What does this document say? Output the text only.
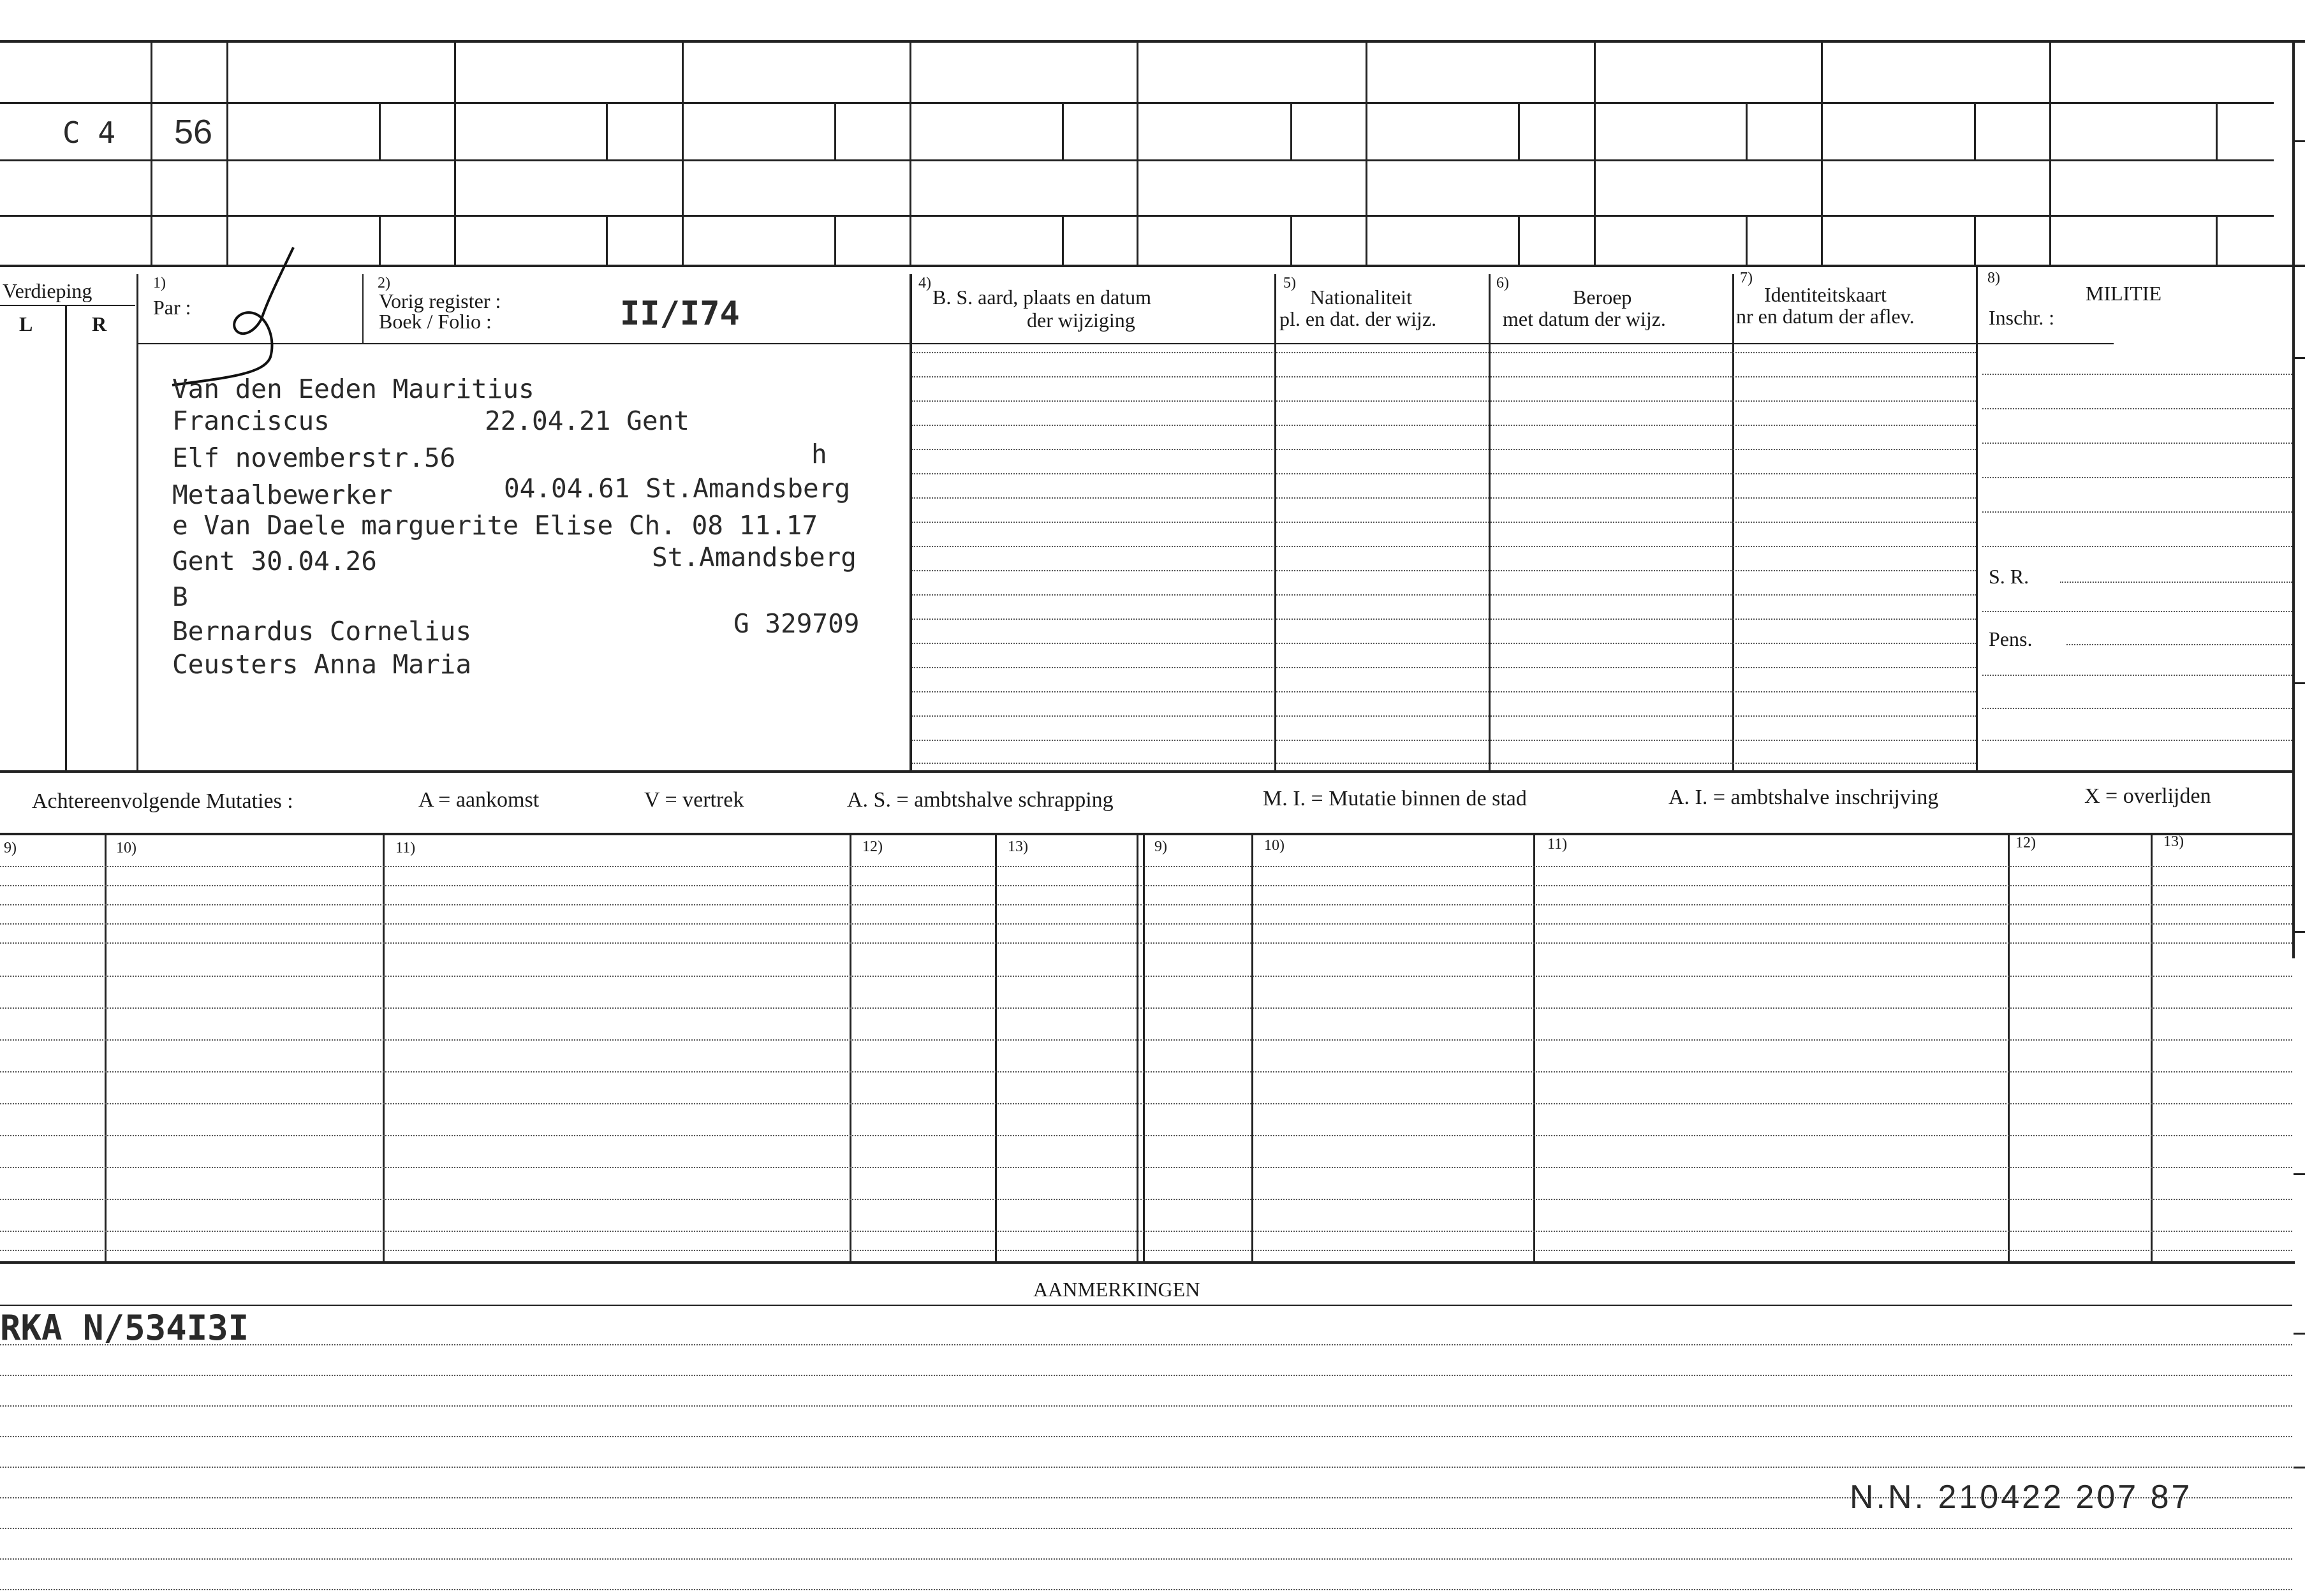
C 4 56
Verdieping
L	R
1)
Par :
2)
Vorig register :
Boek / Folio :	II/I74
4)
B. S. aard, plaats en datum
der wijziging
5)
Nationaliteit
pl. en dat. der wijz.
6)
Beroep
met datum der wijz.
7)
Identiteitskaart
nr en datum der aflev.
8)
MILITIE
Inschr. :
S. R.
Pens.
Van den Eeden Mauritius
Franciscus	22.04.21 Gent
Elf novemberstr.56	h
Metaalbewerker	04.04.61 St.Amandsberg
e Van Daele marguerite Elise Ch. 08 11.17
Gent 30.04.26	St.Amandsberg
B
Bernardus Cornelius	G 329709
Ceusters Anna Maria
Achtereenvolgende Mutaties :	A = aankomst	V = vertrek	A. S. = ambtshalve schrapping	M. I. = Mutatie binnen de stad	A. I. = ambtshalve inschrijving	X = overlijden
9)	10)	11)	12)	13)	9)	10)	11)	12)	13)
AANMERKINGEN
RKA N/534I3I
N.N. 210422 207 87
